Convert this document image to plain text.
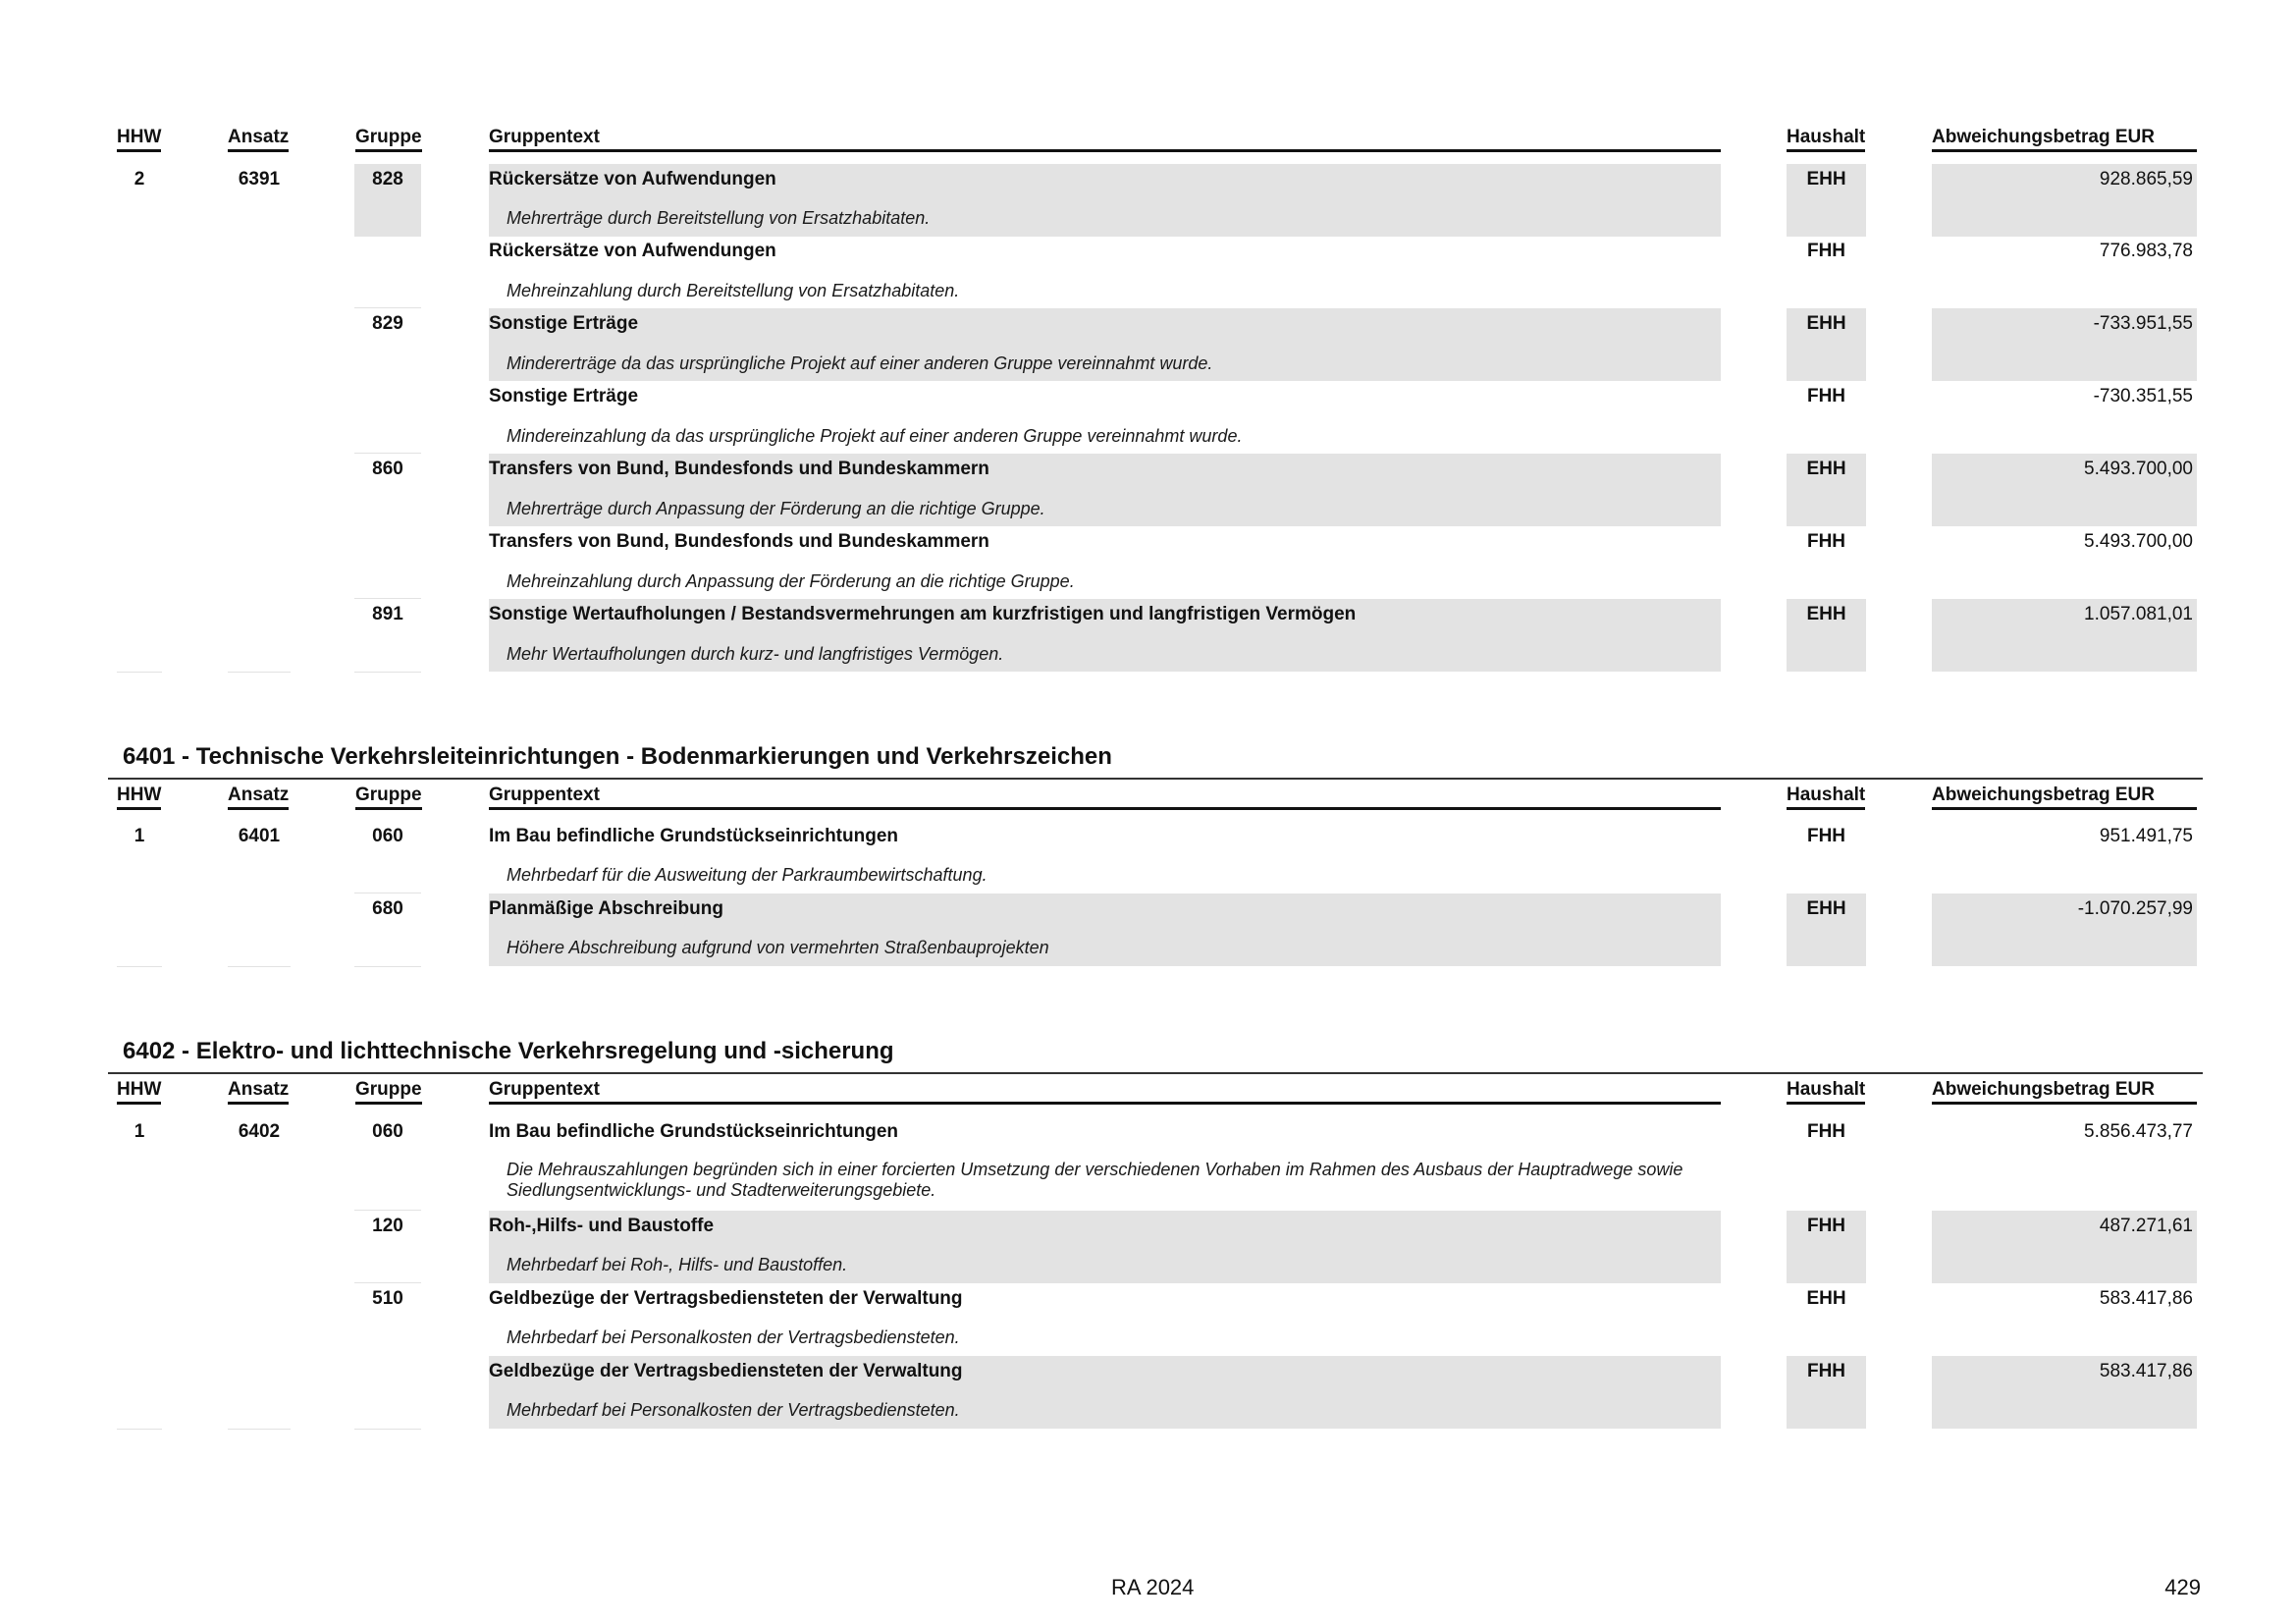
HHW	Ansatz	Gruppe	Gruppentext	Haushalt	Abweichungsbetrag EUR
2	6391	828	Rückersätze von Aufwendungen
Mehrerträge durch Bereitstellung von Ersatzhabitaten.
EHH	928.865,59
Rückersätze von Aufwendungen
Mehreinzahlung durch Bereitstellung von Ersatzhabitaten.
FHH	776.983,78
829	Sonstige Erträge
Mindererträge da das ursprüngliche Projekt auf einer anderen Gruppe vereinnahmt wurde.
EHH	-733.951,55
Sonstige Erträge
Mindereinzahlung da das ursprüngliche Projekt auf einer anderen Gruppe vereinnahmt wurde.
FHH	-730.351,55
860	Transfers von Bund, Bundesfonds und Bundeskammern
Mehrerträge durch Anpassung der Förderung an die richtige Gruppe.
EHH	5.493.700,00
Transfers von Bund, Bundesfonds und Bundeskammern
Mehreinzahlung durch Anpassung der Förderung an die richtige Gruppe.
FHH	5.493.700,00
891	Sonstige Wertaufholungen / Bestandsvermehrungen am kurzfristigen und langfristigen Vermögen
Mehr Wertaufholungen durch kurz- und langfristiges Vermögen.
EHH	1.057.081,01
6401 - Technische Verkehrsleiteinrichtungen - Bodenmarkierungen und Verkehrszeichen
HHW	Ansatz	Gruppe	Gruppentext	Haushalt	Abweichungsbetrag EUR
1	6401	060	Im Bau befindliche Grundstückseinrichtungen
Mehrbedarf für die Ausweitung der Parkraumbewirtschaftung.
FHH	951.491,75
680	Planmäßige Abschreibung
Höhere Abschreibung aufgrund von vermehrten Straßenbauprojekten
EHH	-1.070.257,99
6402 - Elektro- und lichttechnische Verkehrsregelung und -sicherung
HHW	Ansatz	Gruppe	Gruppentext	Haushalt	Abweichungsbetrag EUR
1	6402	060	Im Bau befindliche Grundstückseinrichtungen
Die Mehrauszahlungen begründen sich in einer forcierten Umsetzung der verschiedenen Vorhaben im Rahmen des Ausbaus der Hauptradwege sowie Siedlungsentwicklungs- und Stadterweiterungsgebiete.
FHH	5.856.473,77
120	Roh-,Hilfs- und Baustoffe
Mehrbedarf bei Roh-, Hilfs- und Baustoffen.
FHH	487.271,61
510	Geldbezüge der Vertragsbediensteten der Verwaltung
Mehrbedarf bei Personalkosten der Vertragsbediensteten.
EHH	583.417,86
Geldbezüge der Vertragsbediensteten der Verwaltung
Mehrbedarf bei Personalkosten der Vertragsbediensteten.
FHH	583.417,86
RA 2024	429
